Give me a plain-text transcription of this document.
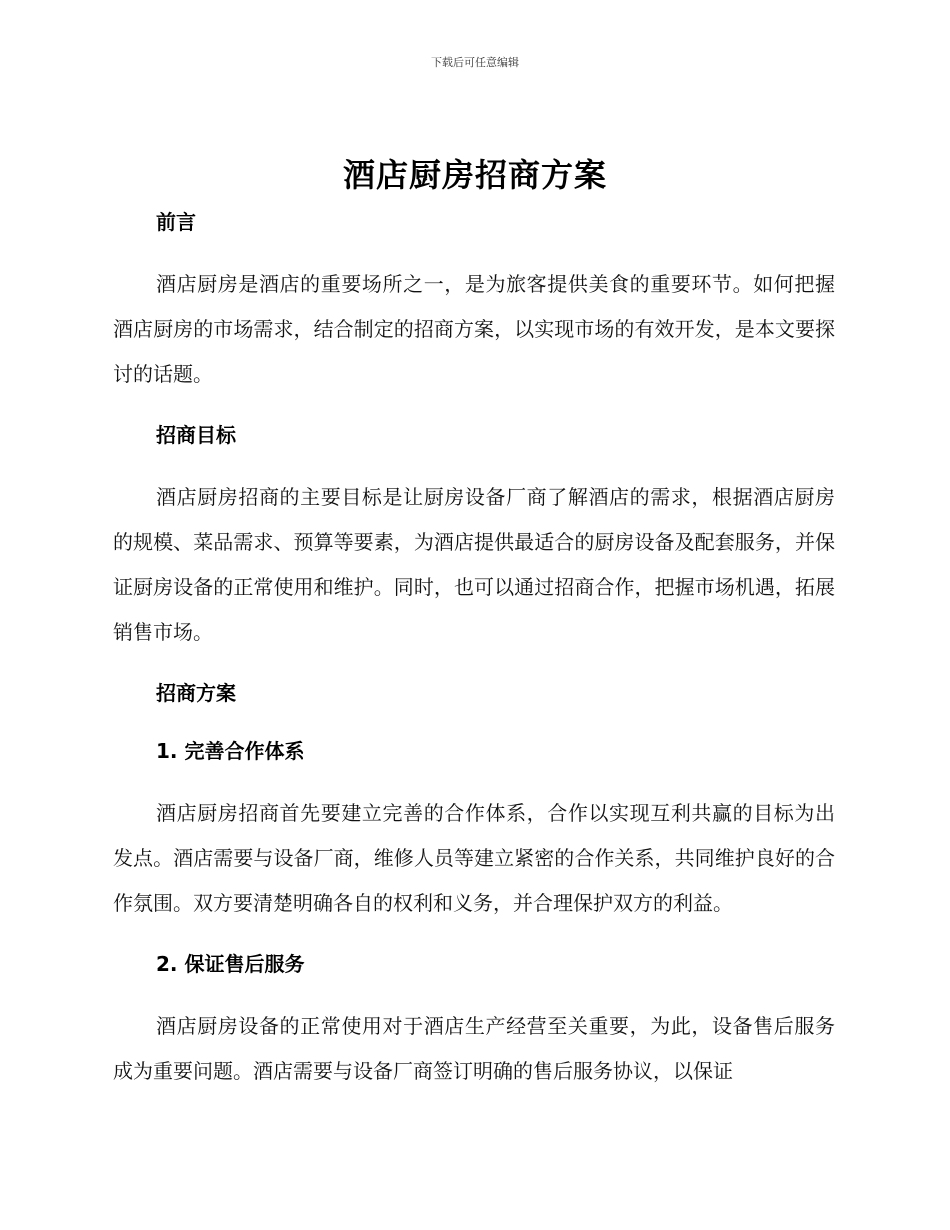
下载后可任意编辑
酒店厨房招商方案
前言

酒店厨房是酒店的重要场所之一，是为旅客提供美食的重要环节。如何把握酒店厨房的市场需求，结合制定的招商方案，以实现市场的有效开发，是本文要探讨的话题。

招商目标

酒店厨房招商的主要目标是让厨房设备厂商了解酒店的需求，根据酒店厨房的规模、菜品需求、预算等要素，为酒店提供最适合的厨房设备及配套服务，并保证厨房设备的正常使用和维护。同时，也可以通过招商合作，把握市场机遇，拓展销售市场。

招商方案
1. 完善合作体系

酒店厨房招商首先要建立完善的合作体系，合作以实现互利共赢的目标为出发点。酒店需要与设备厂商，维修人员等建立紧密的合作关系，共同维护良好的合作氛围。双方要清楚明确各自的权利和义务，并合理保护双方的利益。

2. 保证售后服务

酒店厨房设备的正常使用对于酒店生产经营至关重要，为此，设备售后服务成为重要问题。酒店需要与设备厂商签订明确的售后服务协议，以保证
